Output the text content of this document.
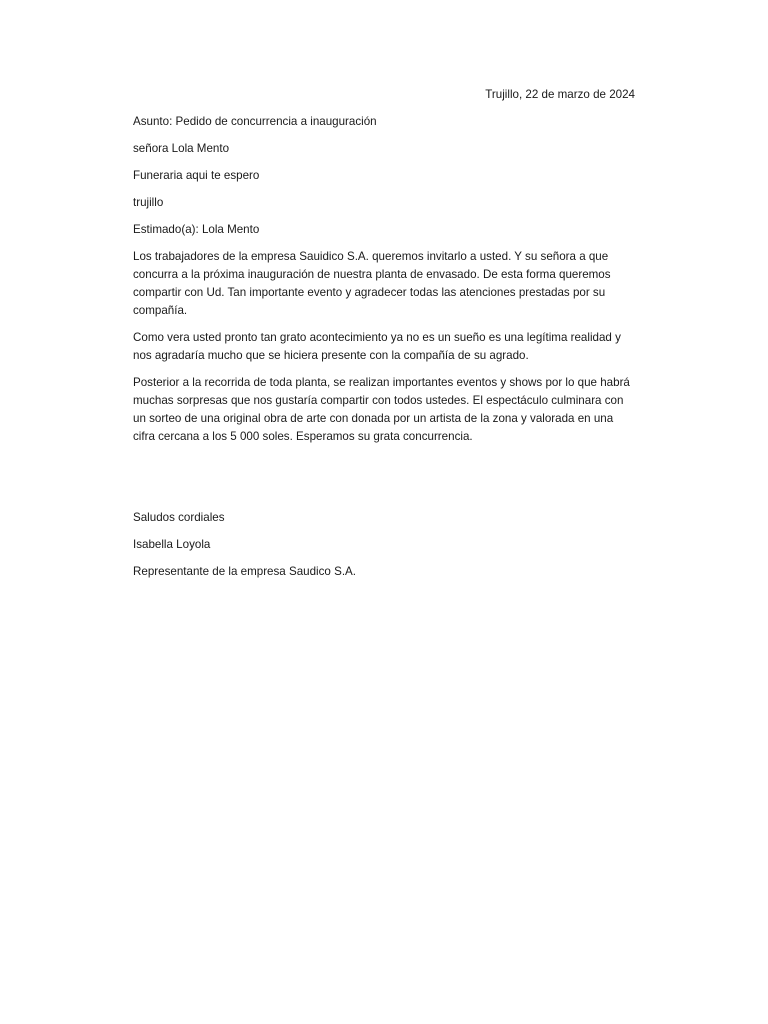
Trujillo, 22 de marzo de 2024
Asunto: Pedido de concurrencia a inauguración
señora Lola Mento
Funeraria aqui te espero
trujillo
Estimado(a): Lola Mento

Los trabajadores de la empresa Sauidico S.A. queremos invitarlo a usted. Y su señora a que concurra a la próxima inauguración de nuestra planta de envasado. De esta forma queremos compartir con Ud. Tan importante evento y agradecer todas las atenciones prestadas por su compañía.

Como vera usted pronto tan grato acontecimiento ya no es un sueño es una legítima realidad y nos agradaría mucho que se hiciera presente con la compañía de su agrado.

Posterior a la recorrida de toda planta, se realizan importantes eventos y shows por lo que habrá muchas sorpresas que nos gustaría compartir con todos ustedes. El espectáculo culminara con un sorteo de una original obra de arte con donada por un artista de la zona y valorada en una cifra cercana a los 5 000 soles. Esperamos su grata concurrencia.

Saludos cordiales
Isabella Loyola
Representante de la empresa Saudico S.A.
